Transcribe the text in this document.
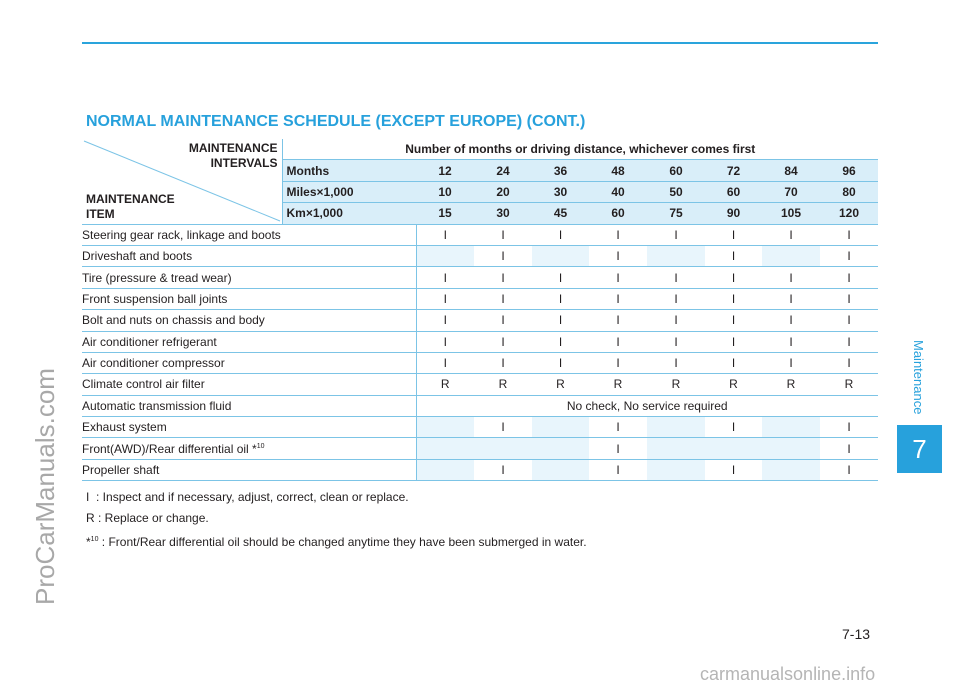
ProCarManuals.com
carmanualsonline.info
Maintenance
7
NORMAL MAINTENANCE SCHEDULE (EXCEPT EUROPE) (CONT.)
MAINTENANCE
INTERVALS
MAINTENANCE
ITEM	Number of months or driving distance, whichever comes first								
	Months	12	24	36	48	60	72	84	96
	Miles×1,000	10	20	30	40	50	60	70	80
	Km×1,000	15	30	45	60	75	90	105	120
Steering gear rack, linkage and boots		I	I	I	I	I	I	I	I
Driveshaft and boots			I		I		I		I
Tire (pressure & tread wear)		I	I	I	I	I	I	I	I
Front suspension ball joints		I	I	I	I	I	I	I	I
Bolt and nuts on chassis and body		I	I	I	I	I	I	I	I
Air conditioner refrigerant		I	I	I	I	I	I	I	I
Air conditioner compressor		I	I	I	I	I	I	I	I
Climate control air filter		R	R	R	R	R	R	R	R
Automatic transmission fluid		No check, No service required							
Exhaust system			I		I		I		I
Front(AWD)/Rear differential oil *$^{10}$					I				I
Propeller shaft			I		I		I		I
I  : Inspect and if necessary, adjust, correct, clean or replace.
R : Replace or change.
*$^{10}$ : Front/Rear differential oil should be changed anytime they have been submerged in water.
7-13
